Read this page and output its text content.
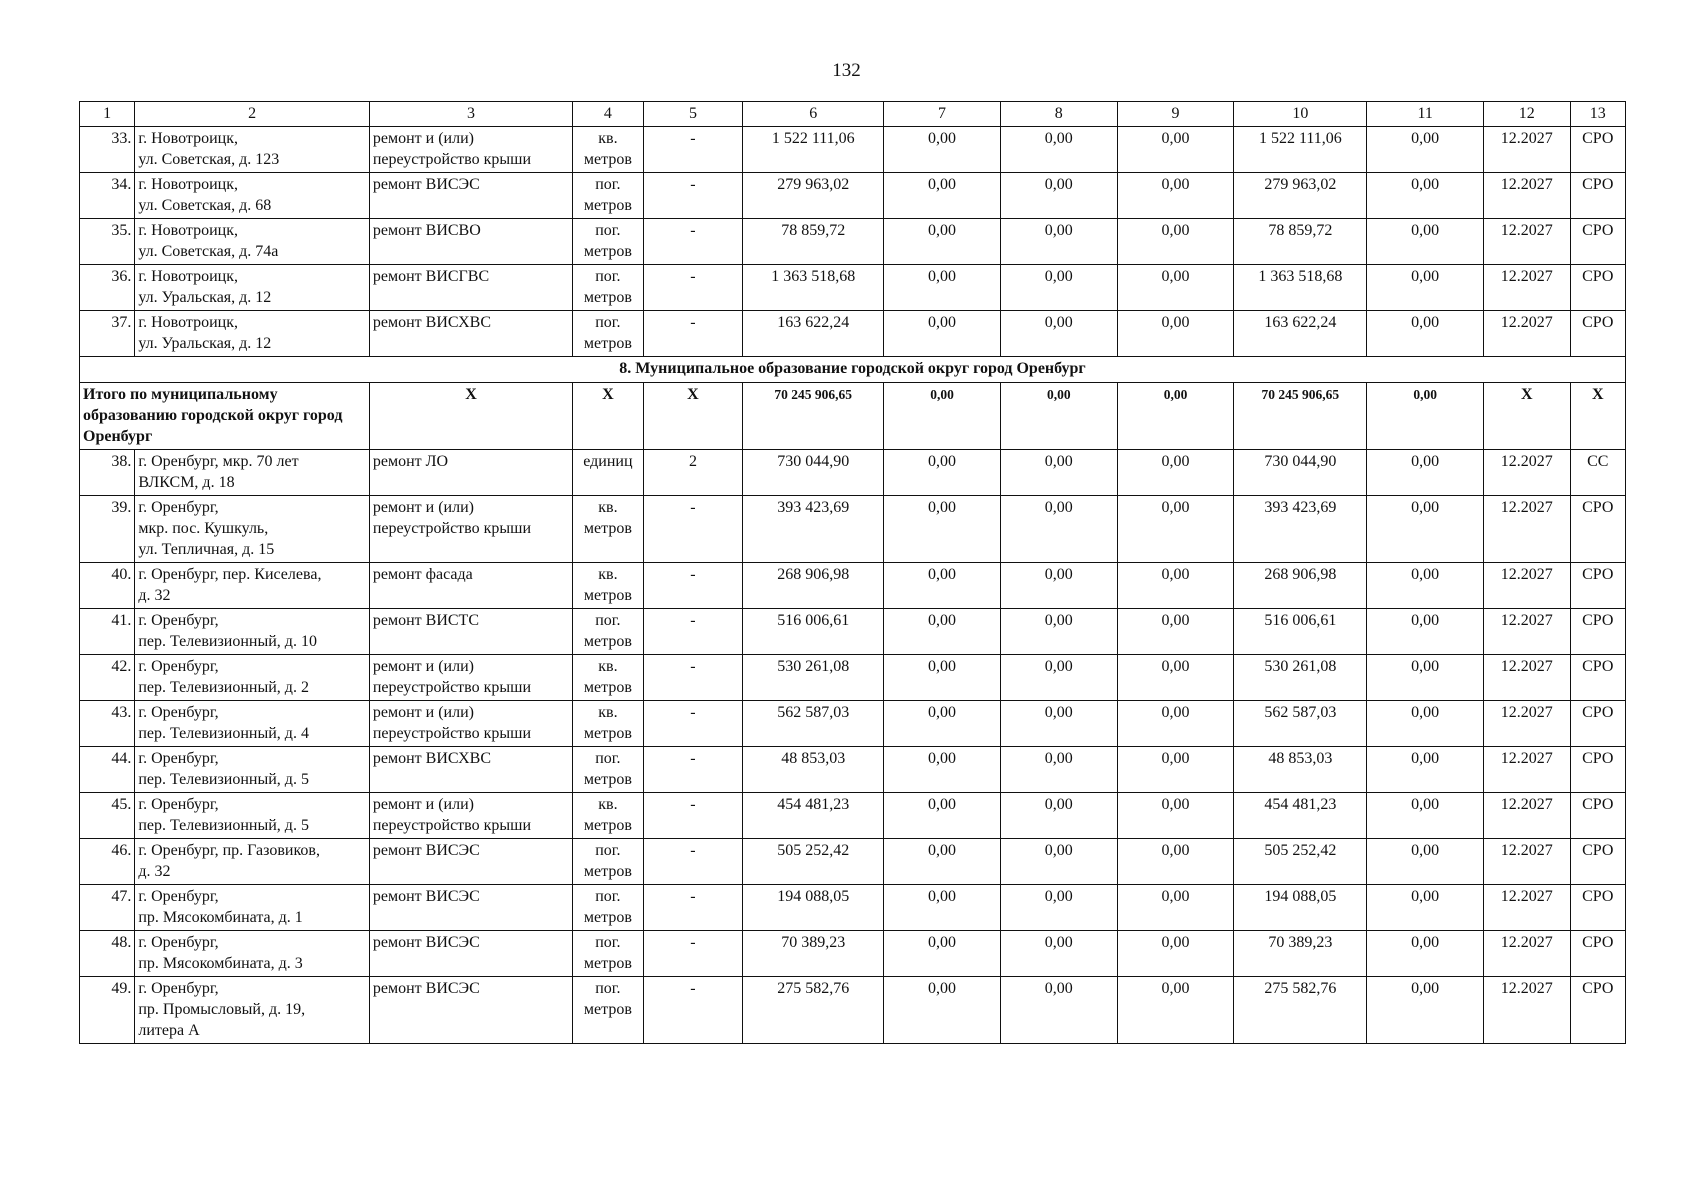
132
1	2	3	4	5	6	7	8	9	10	11	12	13
33.	г. Новотроицк,
ул. Советская, д. 123	ремонт и (или)
переустройство крыши	кв.
метров	-	1 522 111,06	0,00	0,00	0,00	1 522 111,06	0,00	12.2027	СРО
34.	г. Новотроицк,
ул. Советская, д. 68	ремонт ВИСЭС	пог.
метров	-	279 963,02	0,00	0,00	0,00	279 963,02	0,00	12.2027	СРО
35.	г. Новотроицк,
ул. Советская, д. 74а	ремонт ВИСВО	пог.
метров	-	78 859,72	0,00	0,00	0,00	78 859,72	0,00	12.2027	СРО
36.	г. Новотроицк,
ул. Уральская, д. 12	ремонт ВИСГВС	пог.
метров	-	1 363 518,68	0,00	0,00	0,00	1 363 518,68	0,00	12.2027	СРО
37.	г. Новотроицк,
ул. Уральская, д. 12	ремонт ВИСХВС	пог.
метров	-	163 622,24	0,00	0,00	0,00	163 622,24	0,00	12.2027	СРО
8. Муниципальное образование городской округ город Оренбург												
Итого по муниципальному образованию городской округ город Оренбург		X	X	X	70 245 906,65	0,00	0,00	0,00	70 245 906,65	0,00	X	X
38.	г. Оренбург, мкр. 70 лет
ВЛКСМ, д. 18	ремонт ЛО	единиц	2	730 044,90	0,00	0,00	0,00	730 044,90	0,00	12.2027	СС
39.	г. Оренбург,
мкр. пос. Кушкуль,
ул. Тепличная, д. 15	ремонт и (или)
переустройство крыши	кв.
метров	-	393 423,69	0,00	0,00	0,00	393 423,69	0,00	12.2027	СРО
40.	г. Оренбург, пер. Киселева,
д. 32	ремонт фасада	кв.
метров	-	268 906,98	0,00	0,00	0,00	268 906,98	0,00	12.2027	СРО
41.	г. Оренбург,
пер. Телевизионный, д. 10	ремонт ВИСТС	пог.
метров	-	516 006,61	0,00	0,00	0,00	516 006,61	0,00	12.2027	СРО
42.	г. Оренбург,
пер. Телевизионный, д. 2	ремонт и (или)
переустройство крыши	кв.
метров	-	530 261,08	0,00	0,00	0,00	530 261,08	0,00	12.2027	СРО
43.	г. Оренбург,
пер. Телевизионный, д. 4	ремонт и (или)
переустройство крыши	кв.
метров	-	562 587,03	0,00	0,00	0,00	562 587,03	0,00	12.2027	СРО
44.	г. Оренбург,
пер. Телевизионный, д. 5	ремонт ВИСХВС	пог.
метров	-	48 853,03	0,00	0,00	0,00	48 853,03	0,00	12.2027	СРО
45.	г. Оренбург,
пер. Телевизионный, д. 5	ремонт и (или)
переустройство крыши	кв.
метров	-	454 481,23	0,00	0,00	0,00	454 481,23	0,00	12.2027	СРО
46.	г. Оренбург, пр. Газовиков,
д. 32	ремонт ВИСЭС	пог.
метров	-	505 252,42	0,00	0,00	0,00	505 252,42	0,00	12.2027	СРО
47.	г. Оренбург,
пр. Мясокомбината, д. 1	ремонт ВИСЭС	пог.
метров	-	194 088,05	0,00	0,00	0,00	194 088,05	0,00	12.2027	СРО
48.	г. Оренбург,
пр. Мясокомбината, д. 3	ремонт ВИСЭС	пог.
метров	-	70 389,23	0,00	0,00	0,00	70 389,23	0,00	12.2027	СРО
49.	г. Оренбург,
пр. Промысловый, д. 19,
литера А	ремонт ВИСЭС	пог.
метров	-	275 582,76	0,00	0,00	0,00	275 582,76	0,00	12.2027	СРО
